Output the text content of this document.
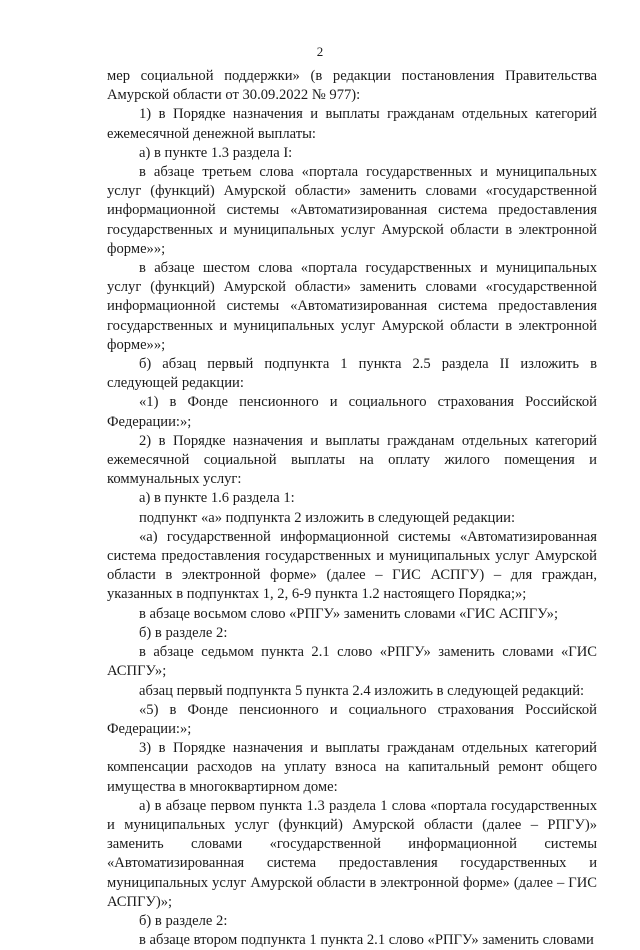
2

мер социальной поддержки» (в редакции постановления Правительства Амурской области от 30.09.2022 № 977):

1) в Порядке назначения и выплаты гражданам отдельных категорий ежемесячной денежной выплаты:

а) в пункте 1.3 раздела I:

в абзаце третьем слова «портала государственных и муниципальных услуг (функций) Амурской области» заменить словами «государственной информационной системы «Автоматизированная система предоставления государственных и муниципальных услуг Амурской области в электронной форме»»;

в абзаце шестом слова «портала государственных и муниципальных услуг (функций) Амурской области» заменить словами «государственной информационной системы «Автоматизированная система предоставления государственных и муниципальных услуг Амурской области в электронной форме»»;

б) абзац первый подпункта 1 пункта 2.5 раздела II изложить в следующей редакции:

«1) в Фонде пенсионного и социального страхования Российской Федерации:»;

2) в Порядке назначения и выплаты гражданам отдельных категорий ежемесячной социальной выплаты на оплату жилого помещения и коммунальных услуг:

а) в пункте 1.6 раздела 1:

подпункт «а» подпункта 2 изложить в следующей редакции:

«а) государственной информационной системы «Автоматизированная система предоставления государственных и муниципальных услуг Амурской области в электронной форме» (далее – ГИС АСПГУ) – для граждан, указанных в подпунктах 1, 2, 6-9 пункта 1.2 настоящего Порядка;»;

в абзаце восьмом слово «РПГУ» заменить словами «ГИС АСПГУ»;

б) в разделе 2:

в абзаце седьмом пункта 2.1 слово «РПГУ» заменить словами «ГИС АСПГУ»;

абзац первый подпункта 5 пункта 2.4 изложить в следующей редакций:

«5) в Фонде пенсионного и социального страхования Российской Федерации:»;

3) в Порядке назначения и выплаты гражданам отдельных категорий компенсации расходов на уплату взноса на капитальный ремонт общего имущества в многоквартирном доме:

а) в абзаце первом пункта 1.3 раздела 1 слова «портала государственных и муниципальных услуг (функций) Амурской области (далее – РПГУ)» заменить словами «государственной информационной системы «Автоматизированная система предоставления государственных и муниципальных услуг Амурской области в электронной форме» (далее – ГИС АСПГУ)»;

б) в разделе 2:

в абзаце втором подпункта 1 пункта 2.1 слово «РПГУ» заменить словами
